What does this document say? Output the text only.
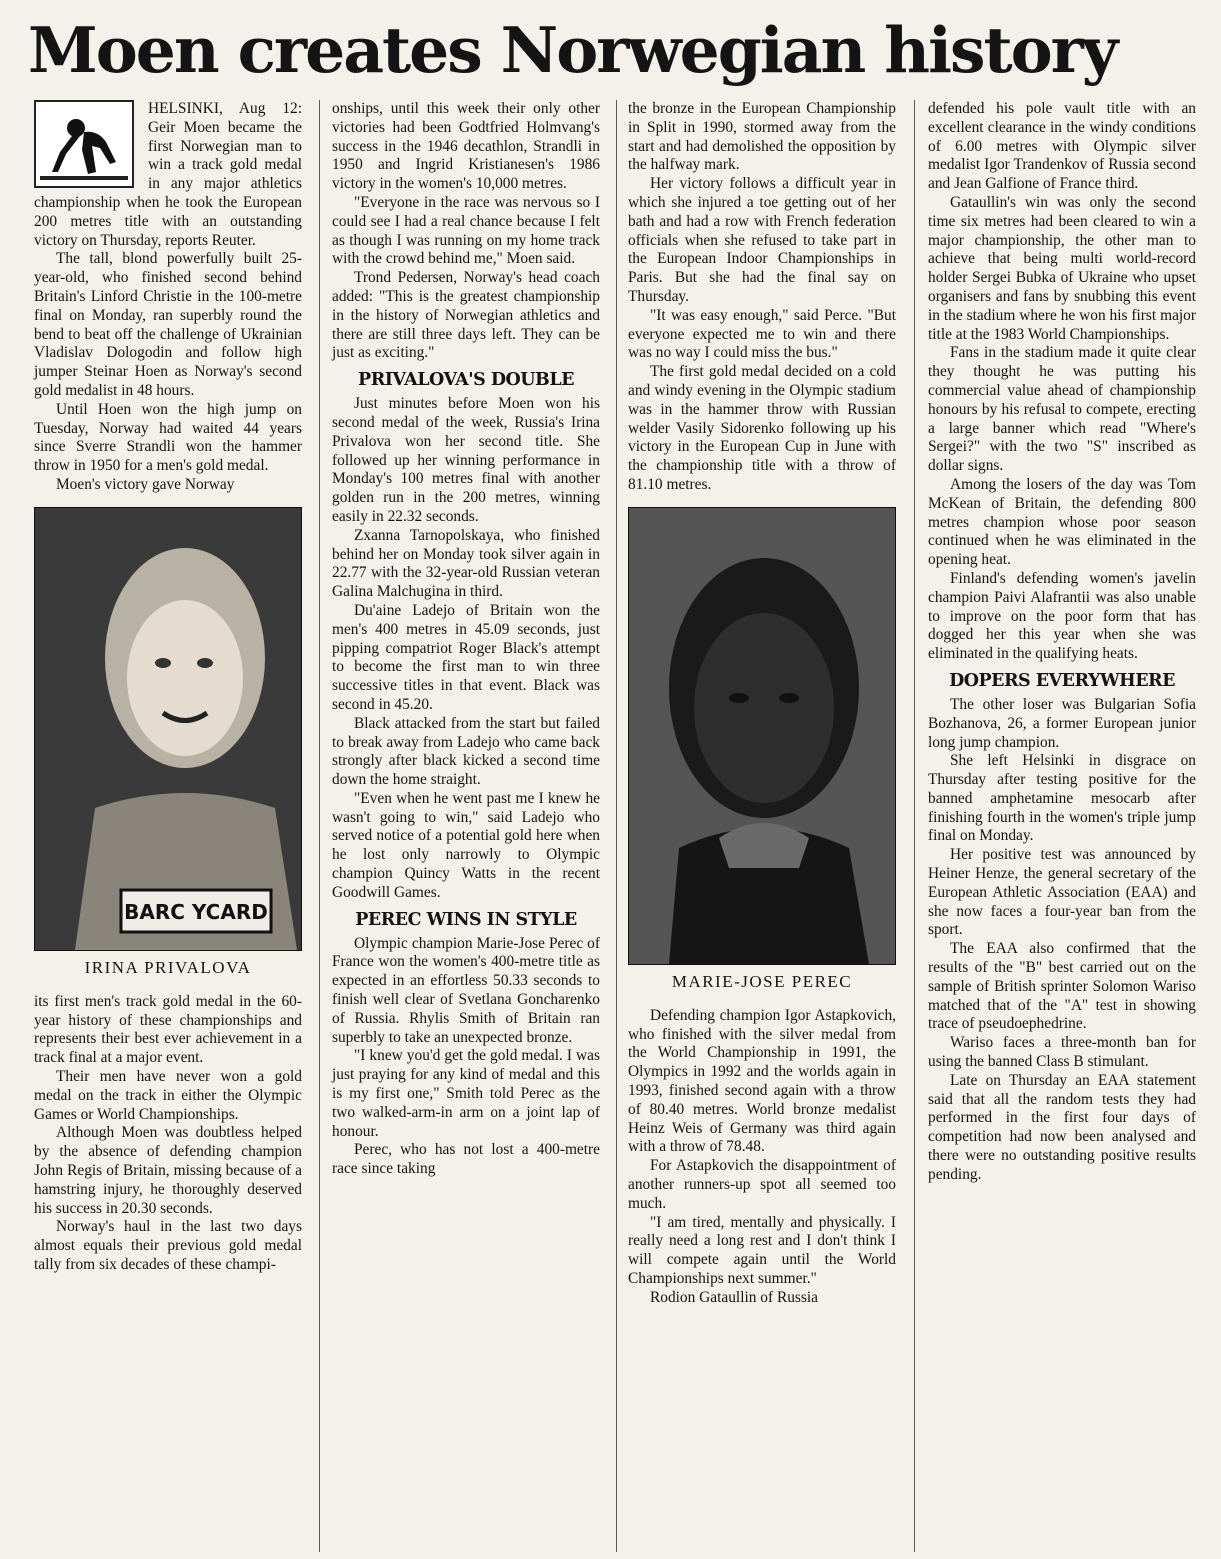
Moen creates Norwegian history

HELSINKI, Aug 12: Geir Moen became the first Norwegian man to win a track gold medal in any major athletics championship when he took the European 200 metres title with an outstanding victory on Thursday, reports Reuter.

The tall, blond powerfully built 25-year-old, who finished second behind Britain's Linford Christie in the 100-metre final on Monday, ran superbly round the bend to beat off the challenge of Ukrainian Vladislav Dologodin and follow high jumper Steinar Hoen as Norway's second gold medalist in 48 hours.

Until Hoen won the high jump on Tuesday, Norway had waited 44 years since Sverre Strandli won the hammer throw in 1950 for a men's gold medal.

Moen's victory gave Norway

BARC YCARD
IRINA PRIVALOVA

its first men's track gold medal in the 60-year history of these championships and represents their best ever achievement in a track final at a major event.

Their men have never won a gold medal on the track in either the Olympic Games or World Championships.

Although Moen was doubtless helped by the absence of defending champion John Regis of Britain, missing because of a hamstring injury, he thoroughly deserved his success in 20.30 seconds.

Norway's haul in the last two days almost equals their previous gold medal tally from six decades of these champi-

onships, until this week their only other victories had been Godtfried Holmvang's success in the 1946 decathlon, Strandli in 1950 and Ingrid Kristianesen's 1986 victory in the women's 10,000 metres.

"Everyone in the race was nervous so I could see I had a real chance because I felt as though I was running on my home track with the crowd behind me," Moen said.

Trond Pedersen, Norway's head coach added: "This is the greatest championship in the history of Norwegian athletics and there are still three days left. They can be just as exciting."

PRIVALOVA'S DOUBLE

Just minutes before Moen won his second medal of the week, Russia's Irina Privalova won her second title. She followed up her winning performance in Monday's 100 metres final with another golden run in the 200 metres, winning easily in 22.32 seconds.

Zxanna Tarnopolskaya, who finished behind her on Monday took silver again in 22.77 with the 32-year-old Russian veteran Galina Malchugina in third.

Du'aine Ladejo of Britain won the men's 400 metres in 45.09 seconds, just pipping compatriot Roger Black's attempt to become the first man to win three successive titles in that event. Black was second in 45.20.

Black attacked from the start but failed to break away from Ladejo who came back strongly after black kicked a second time down the home straight.

"Even when he went past me I knew he wasn't going to win," said Ladejo who served notice of a potential gold here when he lost only narrowly to Olympic champion Quincy Watts in the recent Goodwill Games.

PEREC WINS IN STYLE

Olympic champion Marie-Jose Perec of France won the women's 400-metre title as expected in an effortless 50.33 seconds to finish well clear of Svetlana Goncharenko of Russia. Rhylis Smith of Britain ran superbly to take an unexpected bronze.

"I knew you'd get the gold medal. I was just praying for any kind of medal and this is my first one," Smith told Perec as the two walked-arm-in arm on a joint lap of honour.

Perec, who has not lost a 400-metre race since taking

the bronze in the European Championship in Split in 1990, stormed away from the start and had demolished the opposition by the halfway mark.

Her victory follows a difficult year in which she injured a toe getting out of her bath and had a row with French federation officials when she refused to take part in the European Indoor Championships in Paris. But she had the final say on Thursday.

"It was easy enough," said Perce. "But everyone expected me to win and there was no way I could miss the bus."

The first gold medal decided on a cold and windy evening in the Olympic stadium was in the hammer throw with Russian welder Vasily Sidorenko following up his victory in the European Cup in June with the championship title with a throw of 81.10 metres.

MARIE-JOSE PEREC

Defending champion Igor Astapkovich, who finished with the silver medal from the World Championship in 1991, the Olympics in 1992 and the worlds again in 1993, finished second again with a throw of 80.40 metres. World bronze medalist Heinz Weis of Germany was third again with a throw of 78.48.

For Astapkovich the disappointment of another runners-up spot all seemed too much.

"I am tired, mentally and physically. I really need a long rest and I don't think I will compete again until the World Championships next summer."

Rodion Gataullin of Russia

defended his pole vault title with an excellent clearance in the windy conditions of 6.00 metres with Olympic silver medalist Igor Trandenkov of Russia second and Jean Galfione of France third.

Gataullin's win was only the second time six metres had been cleared to win a major championship, the other man to achieve that being multi world-record holder Sergei Bubka of Ukraine who upset organisers and fans by snubbing this event in the stadium where he won his first major title at the 1983 World Championships.

Fans in the stadium made it quite clear they thought he was putting his commercial value ahead of championship honours by his refusal to compete, erecting a large banner which read "Where's Sergei?" with the two "S" inscribed as dollar signs.

Among the losers of the day was Tom McKean of Britain, the defending 800 metres champion whose poor season continued when he was eliminated in the opening heat.

Finland's defending women's javelin champion Paivi Alafrantii was also unable to improve on the poor form that has dogged her this year when she was eliminated in the qualifying heats.

DOPERS EVERYWHERE

The other loser was Bulgarian Sofia Bozhanova, 26, a former European junior long jump champion.

She left Helsinki in disgrace on Thursday after testing positive for the banned amphetamine mesocarb after finishing fourth in the women's triple jump final on Monday.

Her positive test was announced by Heiner Henze, the general secretary of the European Athletic Association (EAA) and she now faces a four-year ban from the sport.

The EAA also confirmed that the results of the "B" best carried out on the sample of British sprinter Solomon Wariso matched that of the "A" test in showing trace of pseudoephedrine.

Wariso faces a three-month ban for using the banned Class B stimulant.

Late on Thursday an EAA statement said that all the random tests they had performed in the first four days of competition had now been analysed and there were no outstanding positive results pending.
